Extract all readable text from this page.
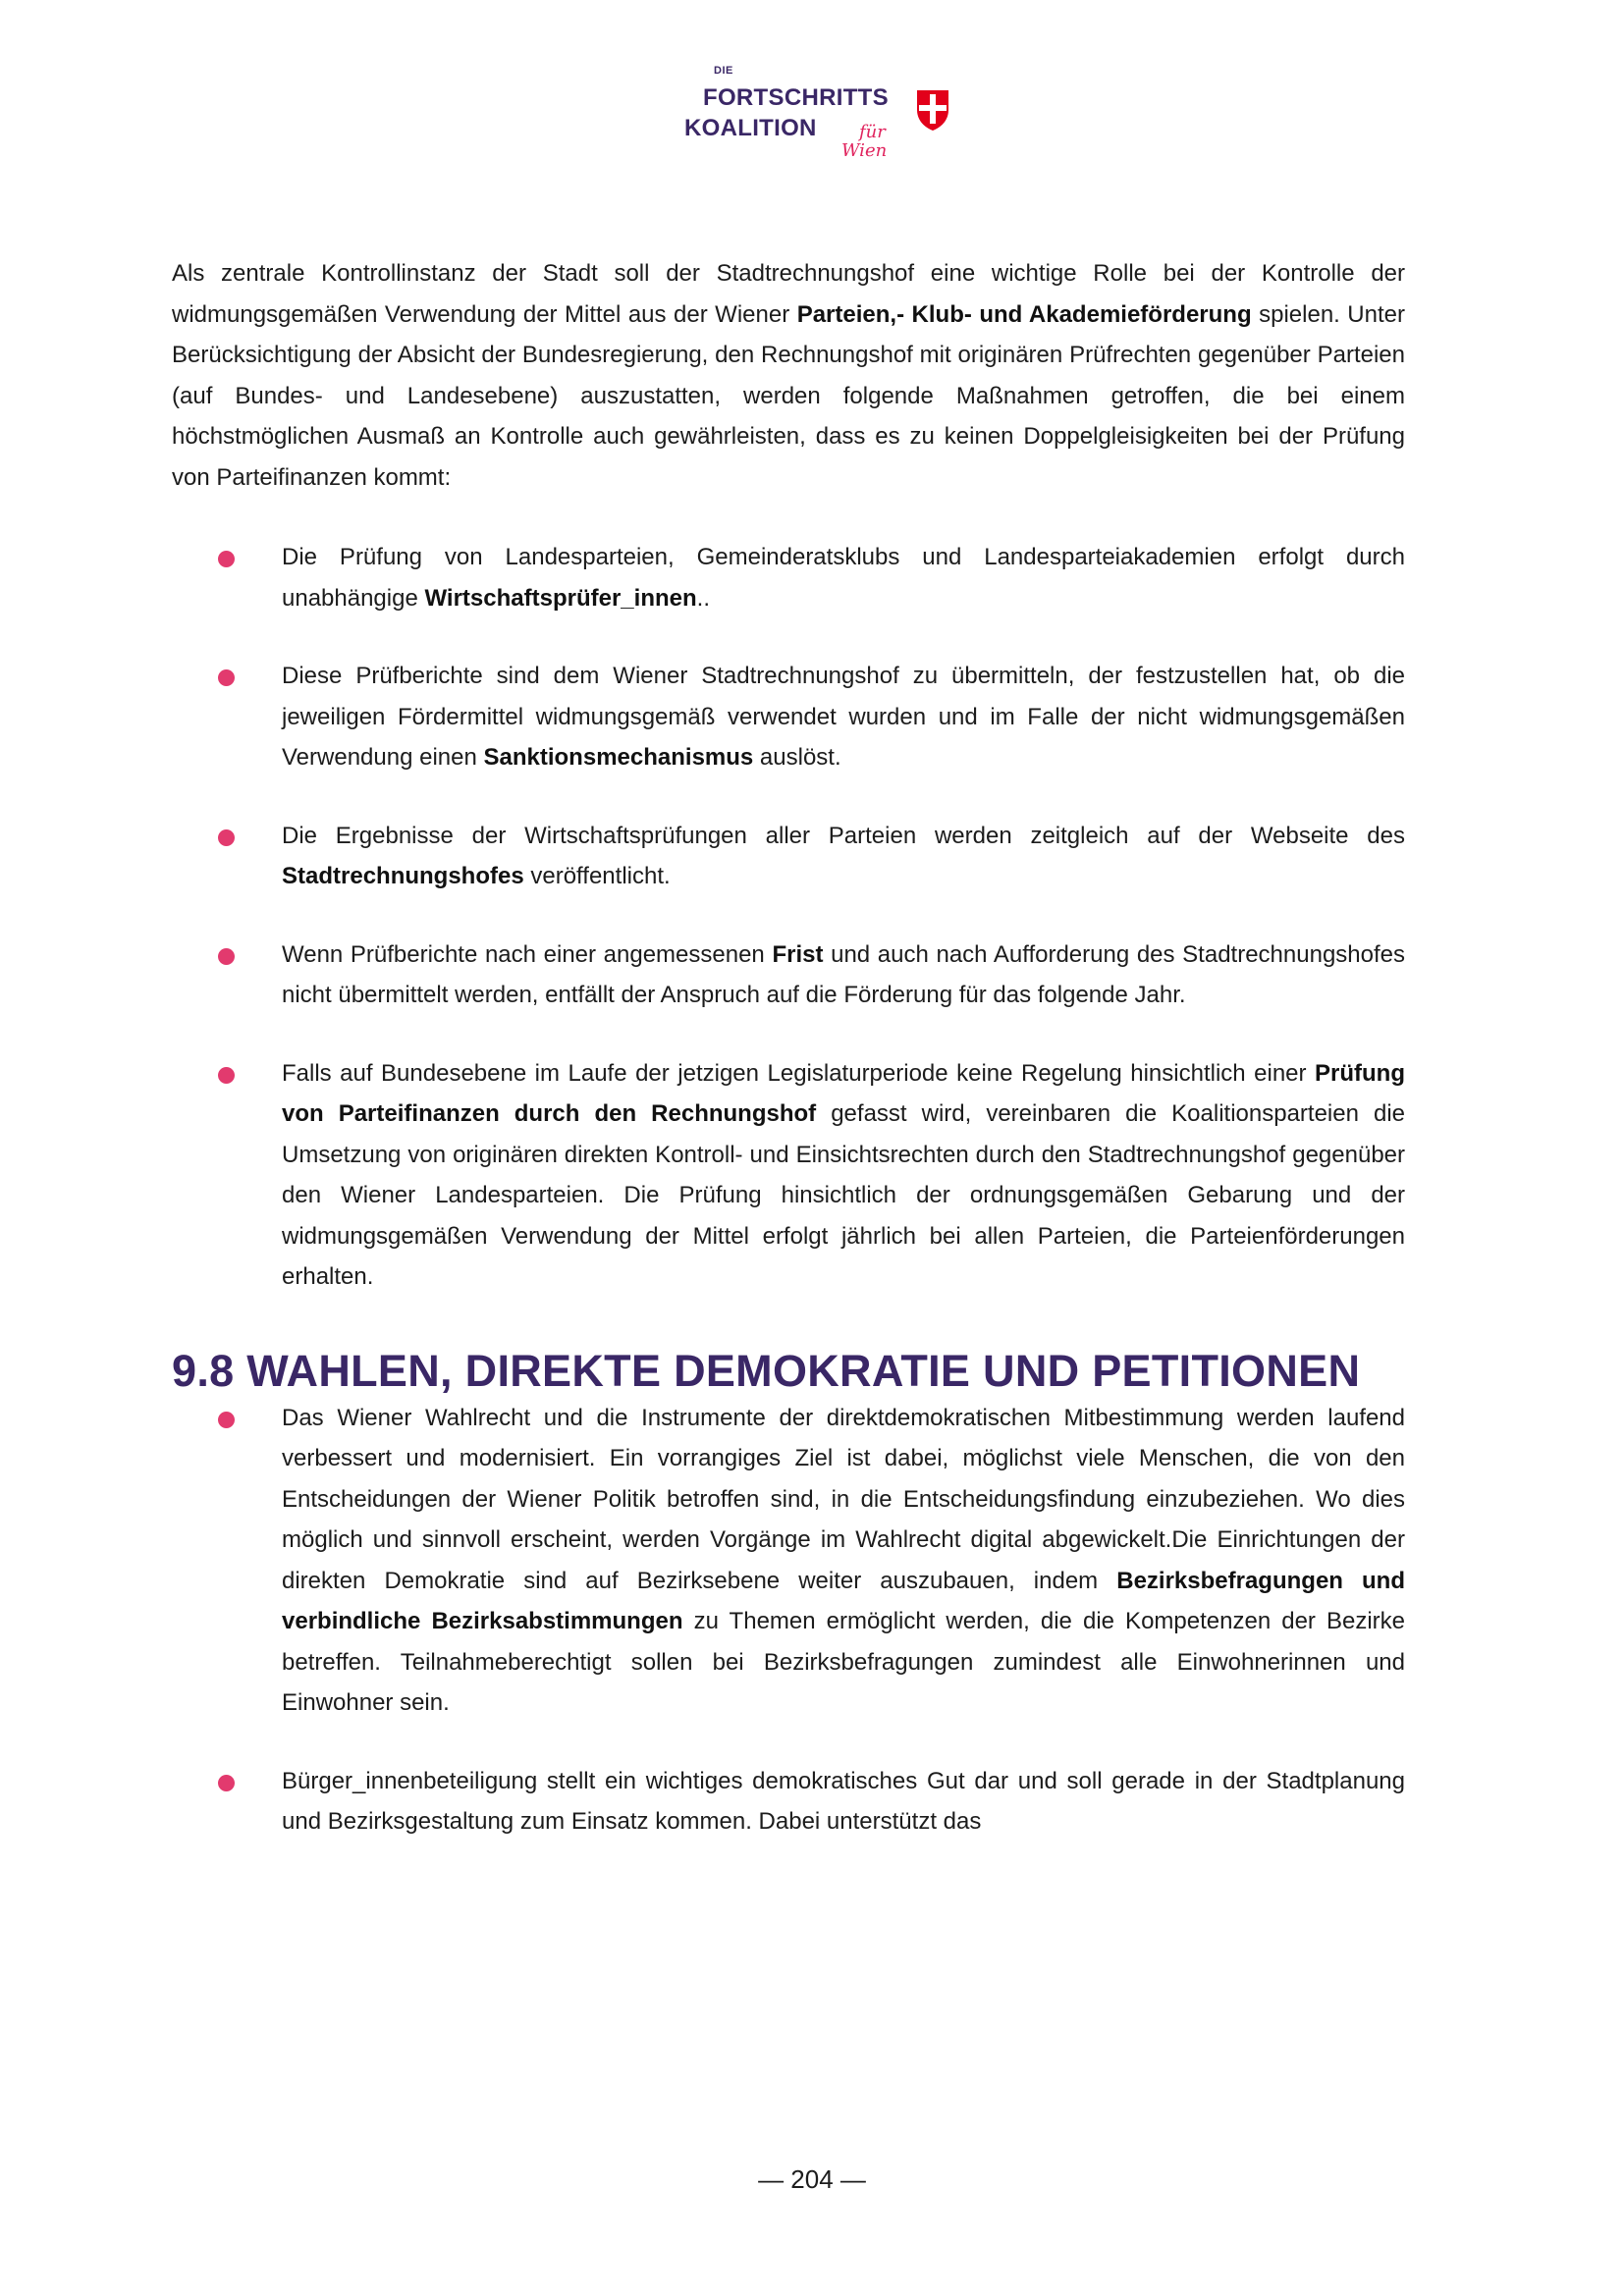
DIE
FORTSCHRITTS
KOALITION für
Wien

Als zentrale Kontrollinstanz der Stadt soll der Stadtrechnungshof eine wichtige Rolle bei der Kontrolle der widmungsgemäßen Verwendung der Mittel aus der Wiener Parteien,- Klub- und Akademieförderung spielen. Unter Berücksichtigung der Absicht der Bundesregierung, den Rechnungshof mit originären Prüfrechten gegenüber Parteien (auf Bundes- und Landesebene) auszustatten, werden folgende Maßnahmen getroffen, die bei einem höchstmöglichen Ausmaß an Kontrolle auch gewährleisten, dass es zu keinen Doppelgleisigkeiten bei der Prüfung von Parteifinanzen kommt:

Die Prüfung von Landesparteien, Gemeinderatsklubs und Landesparteiakademien erfolgt durch unabhängige Wirtschaftsprüfer_innen..
Diese Prüfberichte sind dem Wiener Stadtrechnungshof zu übermitteln, der festzustellen hat, ob die jeweiligen Fördermittel widmungsgemäß verwendet wurden und im Falle der nicht widmungsgemäßen Verwendung einen Sanktionsmechanismus auslöst.
Die Ergebnisse der Wirtschaftsprüfungen aller Parteien werden zeitgleich auf der Webseite des Stadtrechnungshofes veröffentlicht.
Wenn Prüfberichte nach einer angemessenen Frist und auch nach Aufforderung des Stadtrechnungshofes nicht übermittelt werden, entfällt der Anspruch auf die Förderung für das folgende Jahr.
Falls auf Bundesebene im Laufe der jetzigen Legislaturperiode keine Regelung hinsichtlich einer Prüfung von Parteifinanzen durch den Rechnungshof gefasst wird, vereinbaren die Koalitionsparteien die Umsetzung von originären direkten Kontroll- und Einsichtsrechten durch den Stadtrechnungshof gegenüber den Wiener Landesparteien. Die Prüfung hinsichtlich der ordnungsgemäßen Gebarung und der widmungsgemäßen Verwendung der Mittel erfolgt jährlich bei allen Parteien, die Parteienförderungen erhalten.
9.8 WAHLEN, DIREKTE DEMOKRATIE UND PETITIONEN
Das Wiener Wahlrecht und die Instrumente der direktdemokratischen Mitbestimmung werden laufend verbessert und modernisiert. Ein vorrangiges Ziel ist dabei, möglichst viele Menschen, die von den Entscheidungen der Wiener Politik betroffen sind, in die Entscheidungsfindung einzubeziehen. Wo dies möglich und sinnvoll erscheint, werden Vorgänge im Wahlrecht digital abgewickelt.Die Einrichtungen der direkten Demokratie sind auf Bezirksebene weiter auszubauen, indem Bezirksbefragungen und verbindliche Bezirksabstimmungen zu Themen ermöglicht werden, die die Kompetenzen der Bezirke betreffen. Teilnahmeberechtigt sollen bei Bezirksbefragungen zumindest alle Einwohnerinnen und Einwohner sein.
Bürger_innenbeteiligung stellt ein wichtiges demokratisches Gut dar und soll gerade in der Stadtplanung und Bezirksgestaltung zum Einsatz kommen. Dabei unterstützt das
— 204 —
